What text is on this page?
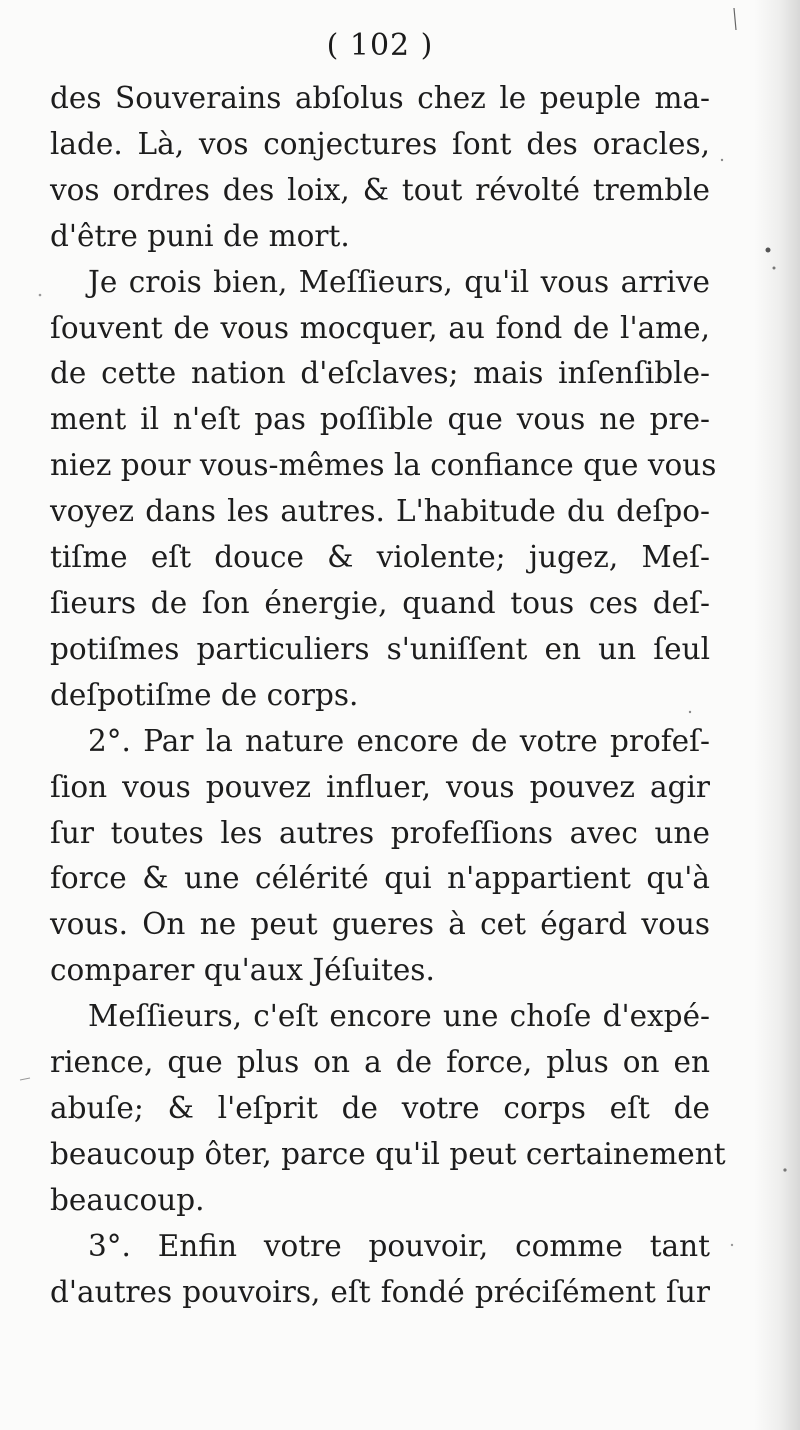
( 102 )
des Souverains abſolus chez le peuple ma-
lade. Là, vos conjectures ſont des oracles,
vos ordres des loix, & tout révolté tremble
d'être puni de mort.
Je crois bien, Meſſieurs, qu'il vous arrive
ſouvent de vous mocquer, au fond de l'ame,
de cette nation d'eſclaves; mais inſenſible-
ment il n'eſt pas poſſible que vous ne pre-
niez pour vous-mêmes la confiance que vous
voyez dans les autres. L'habitude du deſpo-
tiſme eſt douce & violente; jugez, Meſ-
ſieurs de ſon énergie, quand tous ces deſ-
potiſmes particuliers s'uniſſent en un ſeul
deſpotiſme de corps.
2°. Par la nature encore de votre profeſ-
ſion vous pouvez influer, vous pouvez agir
ſur toutes les autres profeſſions avec une
force & une célérité qui n'appartient qu'à
vous. On ne peut gueres à cet égard vous
comparer qu'aux Jéſuites.
Meſſieurs, c'eſt encore une choſe d'expé-
rience, que plus on a de force, plus on en
abuſe; & l'eſprit de votre corps eſt de
beaucoup ôter, parce qu'il peut certainement
beaucoup.
3°. Enfin votre pouvoir, comme tant
d'autres pouvoirs, eſt fondé préciſément ſur
